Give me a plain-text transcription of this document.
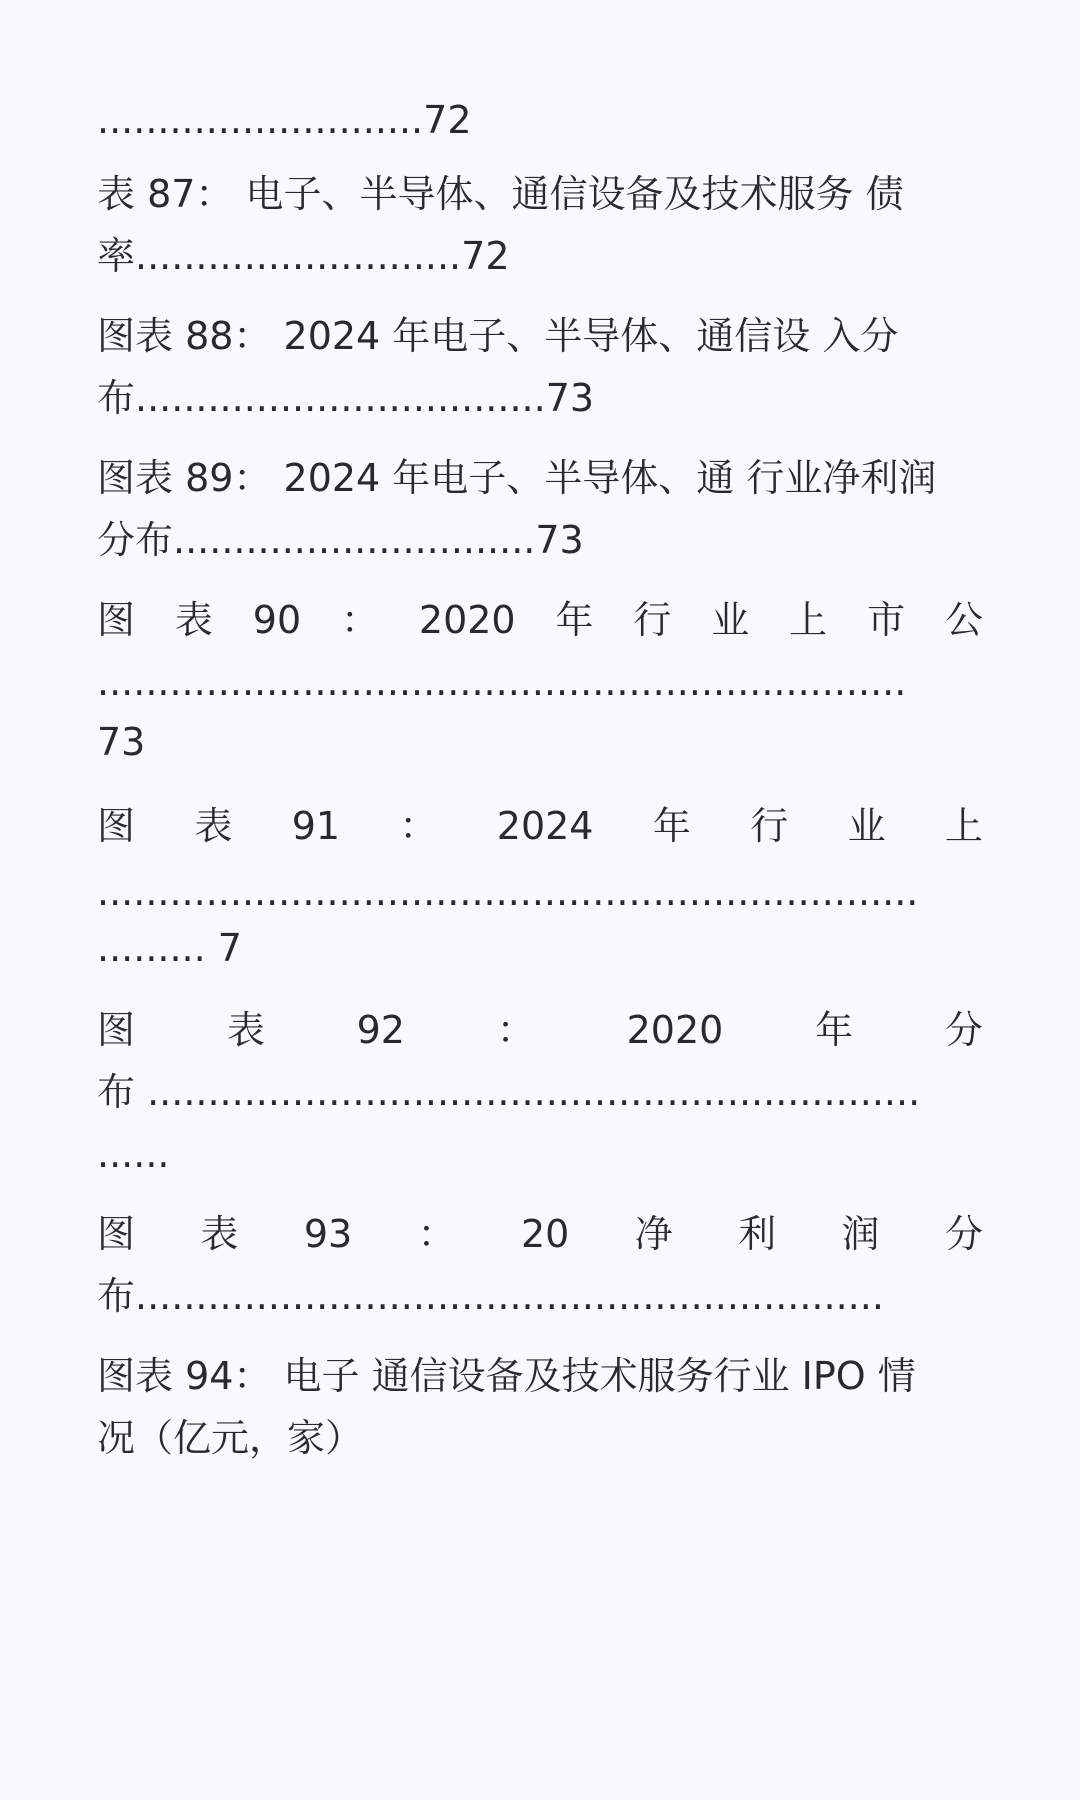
...........................72
表 87： 电子、半导体、通信设备及技术服务 债
率...........................72
图表 88： 2024 年电子、半导体、通信设 入分
布..................................73
图表 89： 2024 年电子、半导体、通 行业净利润
分布..............................73
图 表 90 ： 2020 年 行 业 上 市 公
...................................................................
73
图 表 91 ： 2024 年 行 业 上
....................................................................
......... 7
图 表 92 ： 2020 年 分
布 ................................................................
......
图 表 93 ： 20 净 利 润 分
布..............................................................
图表 94： 电子 通信设备及技术服务行业 IPO 情
况（亿元，家）
